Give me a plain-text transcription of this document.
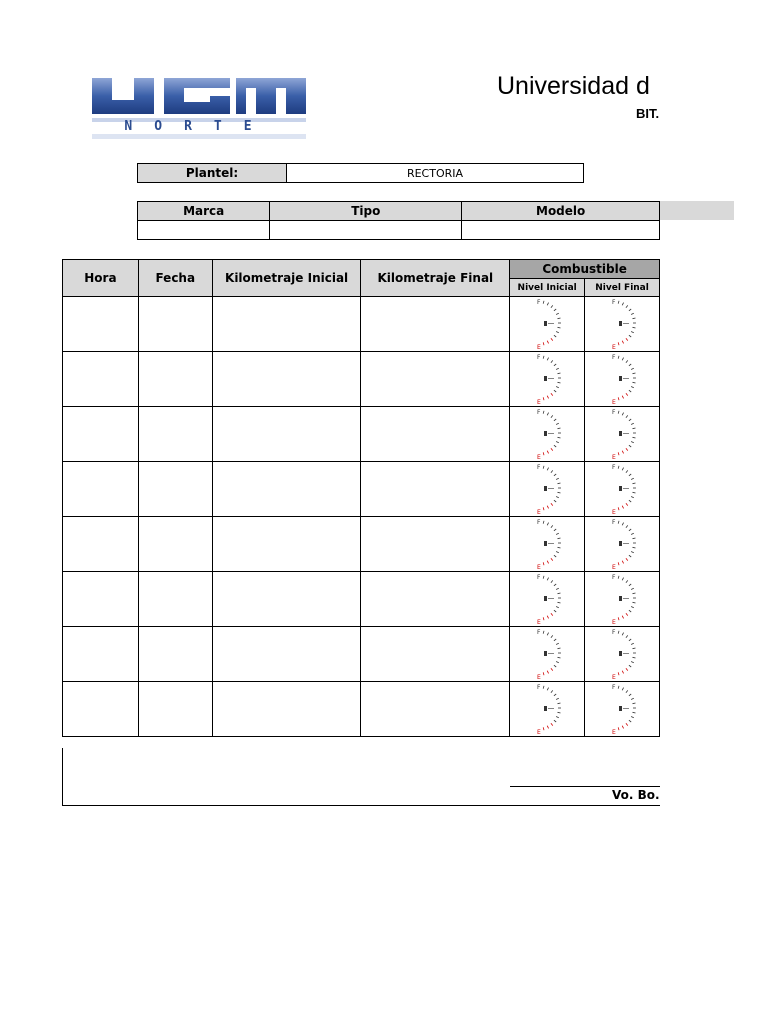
NORTE
Universidad d
BIT.
Plantel:	RECTORIA
Marca	Tipo	Modelo

Hora	Fecha	Kilometraje Inicial	Kilometraje Final	Combustible	
				Nivel Inicial	Nivel Final

F
E	F
E

F
E	F
E

F
E	F
E

F
E	F
E

F
E	F
E

F
E	F
E

F
E	F
E

F
E	F
E
Vo. Bo.
